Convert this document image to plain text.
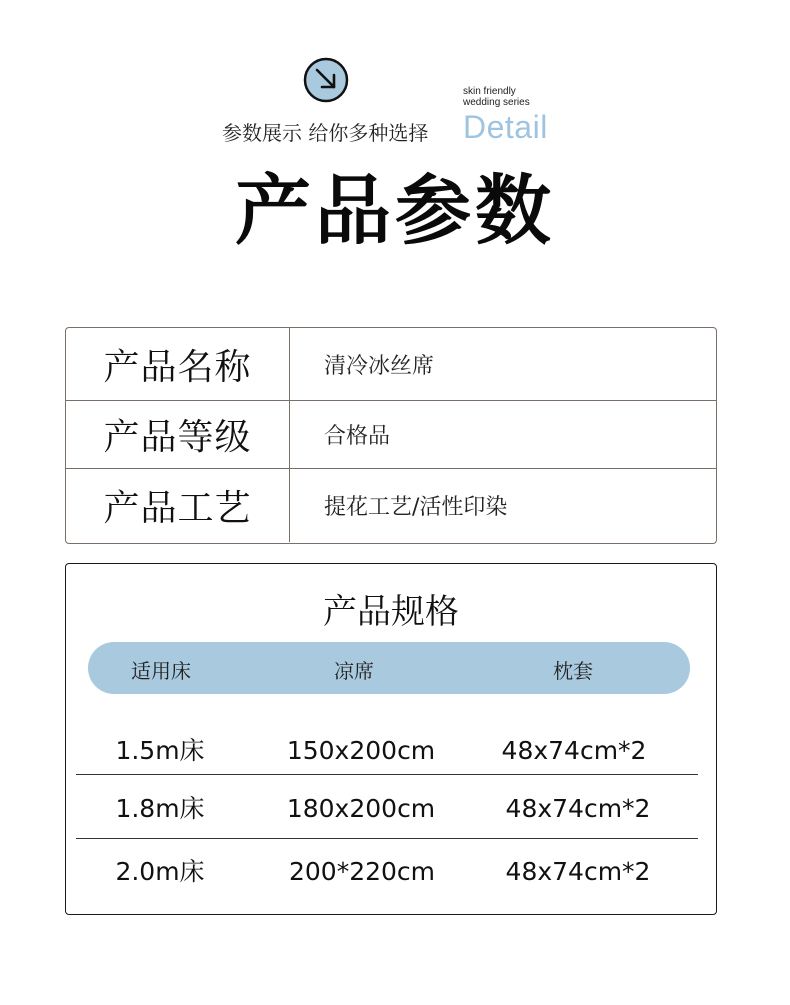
skin friendly
wedding series
参数展示 给你多种选择 Detail
产品参数
产品名称	清冷冰丝席
产品等级	合格品
产品工艺	提花工艺/活性印染
产品规格
适用床	凉席	枕套
1.5m床	150x200cm	48x74cm*2
1.8m床	180x200cm	48x74cm*2
2.0m床	200*220cm	48x74cm*2
